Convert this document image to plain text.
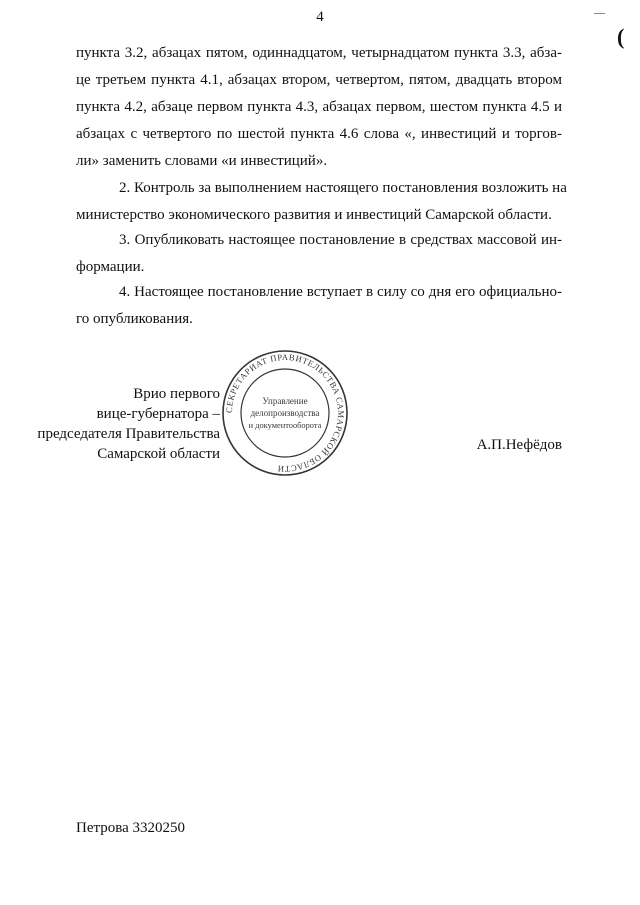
4	—
(
пункта 3.2, абзацах пятом, одиннадцатом, четырнадцатом пункта 3.3, абза-
це третьем пункта 4.1, абзацах втором, четвертом, пятом, двадцать втором
пункта 4.2, абзаце первом пункта 4.3, абзацах первом, шестом пункта 4.5 и
абзацах с четвертого по шестой пункта 4.6 слова «, инвестиций и торгов-
ли» заменить словами «и инвестиций».
2. Контроль за выполнением настоящего постановления возложить на
министерство экономического развития и инвестиций Самарской области.
3. Опубликовать настоящее постановление в средствах массовой ин-
формации.
4. Настоящее постановление вступает в силу со дня его официально-
го опубликования.
Врио первого
вице-губернатора –
председателя Правительства
Самарской области
СЕКРЕТАРИАТ ПРАВИТЕЛЬСТВА САМАРСКОЙ ОБЛАСТИ
Управление
делопроизводства
и документооборота
А.П.Нефёдов
Петрова 3320250
